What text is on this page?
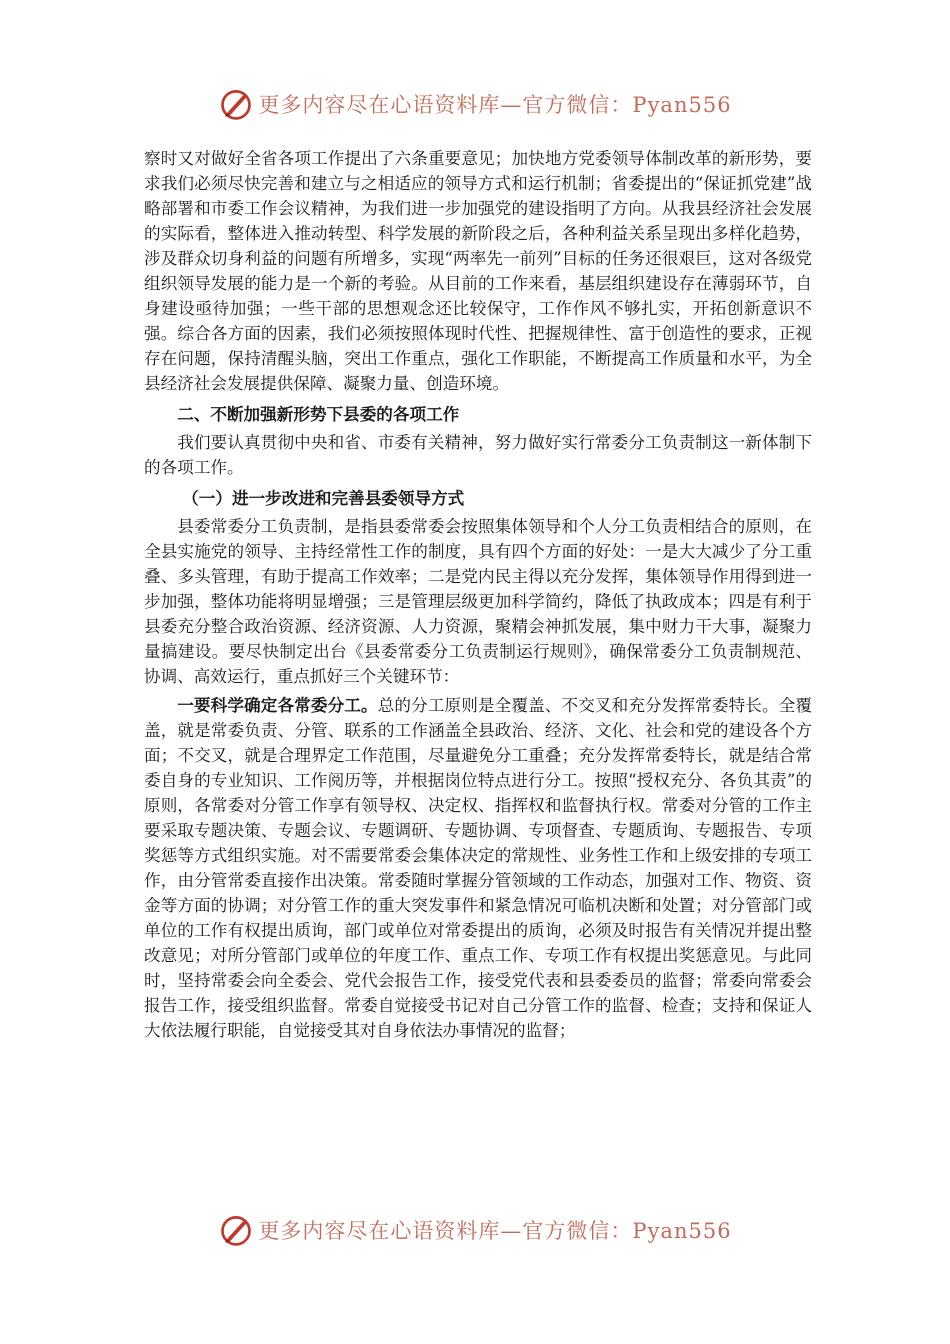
更多内容尽在心语资料库—官方微信：Pyan556

察时又对做好全省各项工作提出了六条重要意见；加快地方党委领导体制改革的新形势，要求我们必须尽快完善和建立与之相适应的领导方式和运行机制；省委提出的“保证抓党建”战略部署和市委工作会议精神，为我们进一步加强党的建设指明了方向。从我县经济社会发展的实际看，整体进入推动转型、科学发展的新阶段之后，各种利益关系呈现出多样化趋势，涉及群众切身利益的问题有所增多，实现“两率先一前列”目标的任务还很艰巨，这对各级党组织领导发展的能力是一个新的考验。从目前的工作来看，基层组织建设存在薄弱环节，自身建设亟待加强；一些干部的思想观念还比较保守，工作作风不够扎实，开拓创新意识不强。综合各方面的因素，我们必须按照体现时代性、把握规律性、富于创造性的要求，正视存在问题，保持清醒头脑，突出工作重点，强化工作职能，不断提高工作质量和水平，为全县经济社会发展提供保障、凝聚力量、创造环境。

二、不断加强新形势下县委的各项工作

我们要认真贯彻中央和省、市委有关精神，努力做好实行常委分工负责制这一新体制下的各项工作。

（一）进一步改进和完善县委领导方式

县委常委分工负责制，是指县委常委会按照集体领导和个人分工负责相结合的原则，在全县实施党的领导、主持经常性工作的制度，具有四个方面的好处：一是大大减少了分工重叠、多头管理，有助于提高工作效率；二是党内民主得以充分发挥，集体领导作用得到进一步加强，整体功能将明显增强；三是管理层级更加科学简约，降低了执政成本；四是有利于县委充分整合政治资源、经济资源、人力资源，聚精会神抓发展，集中财力干大事，凝聚力量搞建设。要尽快制定出台《县委常委分工负责制运行规则》，确保常委分工负责制规范、协调、高效运行，重点抓好三个关键环节：

一要科学确定各常委分工。总的分工原则是全覆盖、不交叉和充分发挥常委特长。全覆盖，就是常委负责、分管、联系的工作涵盖全县政治、经济、文化、社会和党的建设各个方面；不交叉，就是合理界定工作范围，尽量避免分工重叠；充分发挥常委特长，就是结合常委自身的专业知识、工作阅历等，并根据岗位特点进行分工。按照“授权充分、各负其责”的原则，各常委对分管工作享有领导权、决定权、指挥权和监督执行权。常委对分管的工作主要采取专题决策、专题会议、专题调研、专题协调、专项督查、专题质询、专题报告、专项奖惩等方式组织实施。对不需要常委会集体决定的常规性、业务性工作和上级安排的专项工作，由分管常委直接作出决策。常委随时掌握分管领域的工作动态，加强对工作、物资、资金等方面的协调；对分管工作的重大突发事件和紧急情况可临机决断和处置；对分管部门或单位的工作有权提出质询，部门或单位对常委提出的质询，必须及时报告有关情况并提出整改意见；对所分管部门或单位的年度工作、重点工作、专项工作有权提出奖惩意见。与此同时，坚持常委会向全委会、党代会报告工作，接受党代表和县委委员的监督；常委向常委会报告工作，接受组织监督。常委自觉接受书记对自己分管工作的监督、检查；支持和保证人大依法履行职能，自觉接受其对自身依法办事情况的监督；

更多内容尽在心语资料库—官方微信：Pyan556
